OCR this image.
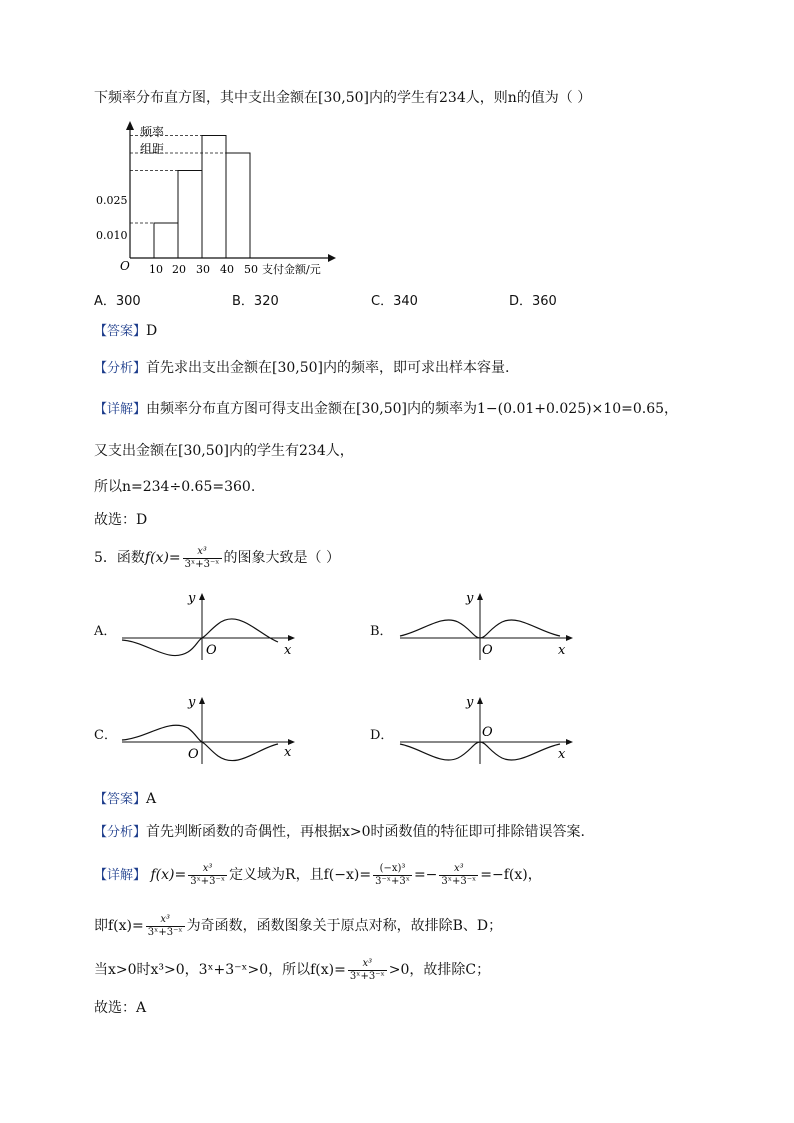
下频率分布直方图，其中支出金额在[30,50]内的学生有234人，则n的值为（ ）
频率
组距
O
0.010
0.025
10 20 30 40 50 支付金额/元
A．300	B．320	C．340	D．360
【答案】D
【分析】首先求出支出金额在[30,50]内的频率，即可求出样本容量.
【详解】由频率分布直方图可得支出金额在[30,50]内的频率为1−(0.01+0.025)×10=0.65，
又支出金额在[30,50]内的学生有234人，
所以n=234÷0.65=360.
故选：D
5．函数$f(x)= \frac{\text{x³}}{\text{3ˣ+3⁻ˣ}}$ 的图象大致是（ ）
A．	B．
C．	D．
y
O	x
y
O	x
y
O	x
y
O
x
【答案】A
【分析】首先判断函数的奇偶性，再根据x>0时函数值的特征即可排除错误答案.
【详解】 $f(x)= \frac{\text{x³}}{\text{3ˣ+3⁻ˣ}}$ 定义域为R，且$f(-x)= \frac{\text{(−x)³}}{\text{3⁻ˣ+3ˣ}} =- \frac{\text{x³}}{\text{3ˣ+3⁻ˣ}} =-f(x)$，
即$f(x)= \frac{\text{x³}}{\text{3ˣ+3⁻ˣ}}$ 为奇函数，函数图象关于原点对称，故排除B、D；
当x>0时x³>0，3ˣ+3⁻ˣ>0，所以$f(x)= \frac{\text{x³}}{\text{3ˣ+3⁻ˣ}} >0$，故排除C；
故选：A
